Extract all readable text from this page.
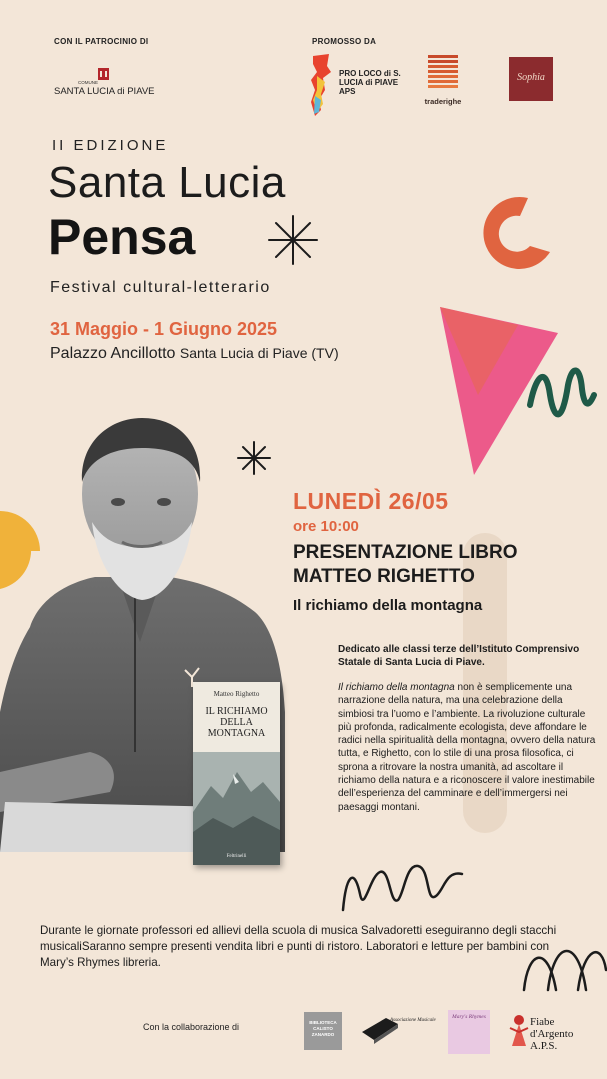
CON IL PATROCINIO DI
COMUNE
SANTA LUCIA di PIAVE
PROMOSSO DA
PRO LOCO di S. LUCIA di PIAVE APS
traderighe
Sophia
II EDIZIONE
Santa Lucia
Pensa
Festival cultural-letterario
31 Maggio - 1 Giugno 2025
Palazzo Ancillotto Santa Lucia di Piave (TV)
Matteo Righetto
IL RICHIAMO DELLA MONTAGNA
Feltrinelli
LUNEDÌ 26/05
ore 10:00
PRESENTAZIONE LIBRO
MATTEO RIGHETTO
Il richiamo della montagna
Dedicato alle classi terze dell’Istituto Comprensivo Statale di Santa Lucia di Piave.
Il richiamo della montagna non è semplicemente una narrazione della natura, ma una celebrazione della simbiosi tra l’uomo e l’ambiente. La rivoluzione culturale più profonda, radicalmente ecologista, deve affondare le radici nella spiritualità della montagna, ovvero della natura tutta, e Righetto, con lo stile di una prosa filosofica, ci sprona a ritrovare la nostra umanità, ad ascoltare il richiamo della natura e a riconoscere il valore inestimabile dell’esperienza del camminare e dell’immergersi nei paesaggi montani.
Durante le giornate professori ed allievi della scuola di musica Salvadoretti eseguiranno degli stacchi musicaliSaranno sempre presenti vendita libri e punti di ristoro. Laboratori e letture per bambini con Mary’s Rhymes libreria.
Con la collaborazione di	BIBLIOTECA CALISTO ZANARDO
Associazione Musicale
Mary's Rhymes	Fiabe d'Argento A.P.S.
